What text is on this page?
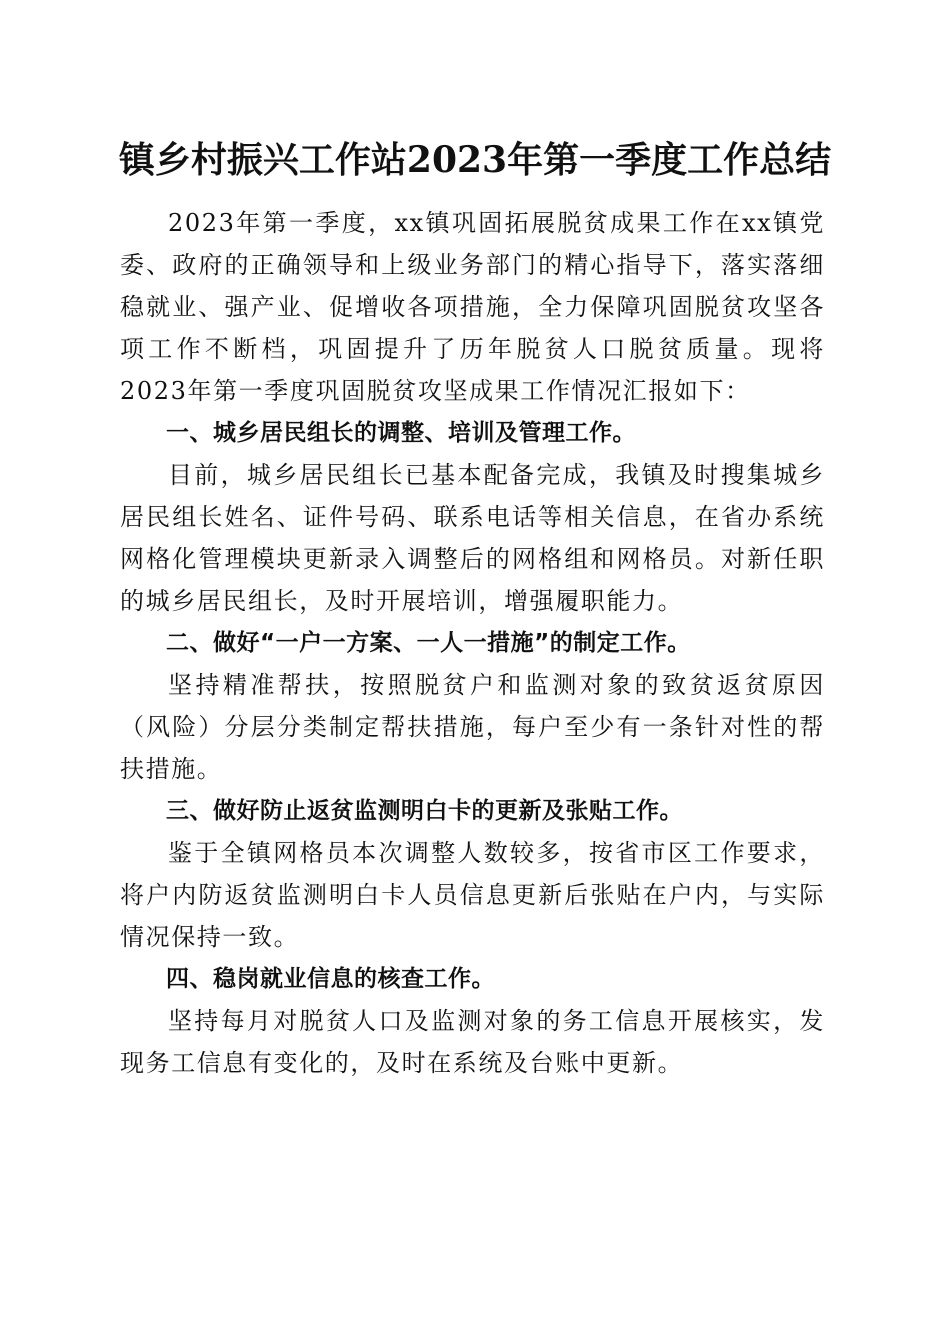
镇乡村振兴工作站2023年第一季度工作总结

2023年第一季度，xx镇巩固拓展脱贫成果工作在xx镇党委、政府的正确领导和上级业务部门的精心指导下，落实落细稳就业、强产业、促增收各项措施，全力保障巩固脱贫攻坚各项工作不断档，巩固提升了历年脱贫人口脱贫质量。现将2023年第一季度巩固脱贫攻坚成果工作情况汇报如下：

一、城乡居民组长的调整、培训及管理工作。

目前，城乡居民组长已基本配备完成，我镇及时搜集城乡居民组长姓名、证件号码、联系电话等相关信息，在省办系统网格化管理模块更新录入调整后的网格组和网格员。对新任职的城乡居民组长，及时开展培训，增强履职能力。

二、做好“一户一方案、一人一措施”的制定工作。

坚持精准帮扶，按照脱贫户和监测对象的致贫返贫原因（风险）分层分类制定帮扶措施，每户至少有一条针对性的帮扶措施。

三、做好防止返贫监测明白卡的更新及张贴工作。

鉴于全镇网格员本次调整人数较多，按省市区工作要求，将户内防返贫监测明白卡人员信息更新后张贴在户内，与实际情况保持一致。

四、稳岗就业信息的核查工作。

坚持每月对脱贫人口及监测对象的务工信息开展核实，发现务工信息有变化的，及时在系统及台账中更新。
